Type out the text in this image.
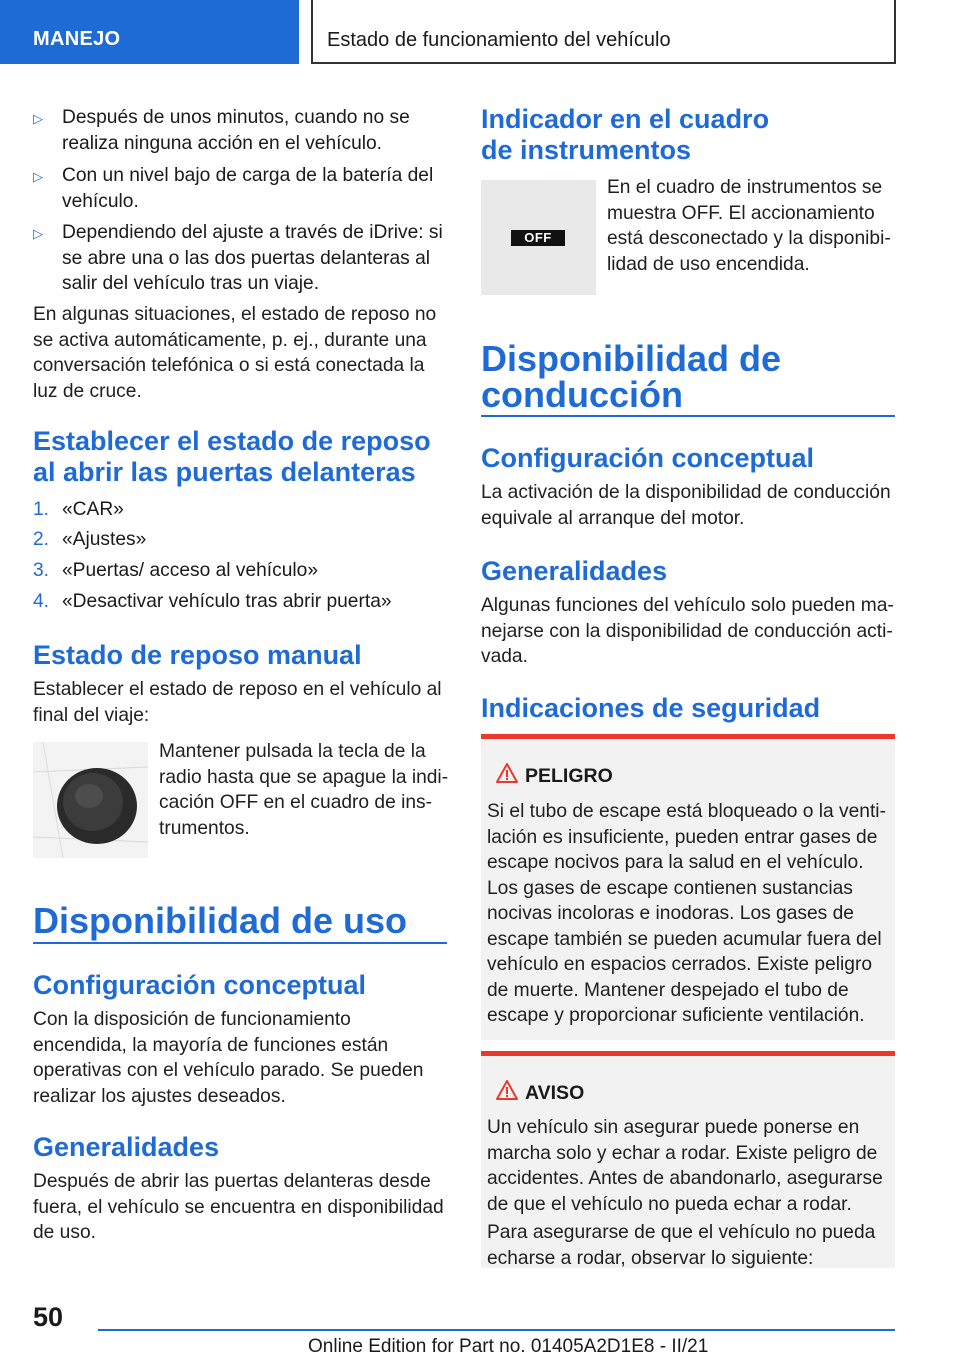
MANEJO	Estado de funcionamiento del vehículo
▷ Después de unos minutos, cuando no se realiza ninguna acción en el vehículo.
▷ Con un nivel bajo de carga de la batería del vehículo.
▷ Dependiendo del ajuste a través de iDrive: si se abre una o las dos puertas delanteras al salir del vehículo tras un viaje.
En algunas situaciones, el estado de reposo no se activa automáticamente, p. ej., durante una conversación telefónica o si está conectada la luz de cruce.
Establecer el estado de reposo al abrir las puertas delanteras
1. «CAR»
2. «Ajustes»
3. «Puertas/ acceso al vehículo»
4. «Desactivar vehículo tras abrir puerta»
Estado de reposo manual
Establecer el estado de reposo en el vehículo al final del viaje:
Mantener pulsada la tecla de la radio hasta que se apague la indicación OFF en el cuadro de instrumentos.
Disponibilidad de uso
Configuración conceptual
Con la disposición de funcionamiento encendida, la mayoría de funciones están operativas con el vehículo parado. Se pueden realizar los ajustes deseados.
Generalidades
Después de abrir las puertas delanteras desde fuera, el vehículo se encuentra en disponibilidad de uso.
Indicador en el cuadro de instrumentos
OFF
En el cuadro de instrumentos se muestra OFF. El accionamiento está desconectado y la disponibilidad de uso encendida.
Disponibilidad de conducción
Configuración conceptual
La activación de la disponibilidad de conducción equivale al arranque del motor.
Generalidades
Algunas funciones del vehículo solo pueden manejarse con la disponibilidad de conducción activada.
Indicaciones de seguridad
PELIGRO
Si el tubo de escape está bloqueado o la ventilación es insuficiente, pueden entrar gases de escape nocivos para la salud en el vehículo. Los gases de escape contienen sustancias nocivas incoloras e inodoras. Los gases de escape también se pueden acumular fuera del vehículo en espacios cerrados. Existe peligro de muerte. Mantener despejado el tubo de escape y proporcionar suficiente ventilación.
AVISO
Un vehículo sin asegurar puede ponerse en marcha solo y echar a rodar. Existe peligro de accidentes. Antes de abandonarlo, asegurarse de que el vehículo no pueda echar a rodar.
Para asegurarse de que el vehículo no pueda echarse a rodar, observar lo siguiente:
50
Online Edition for Part no. 01405A2D1E8 - II/21
